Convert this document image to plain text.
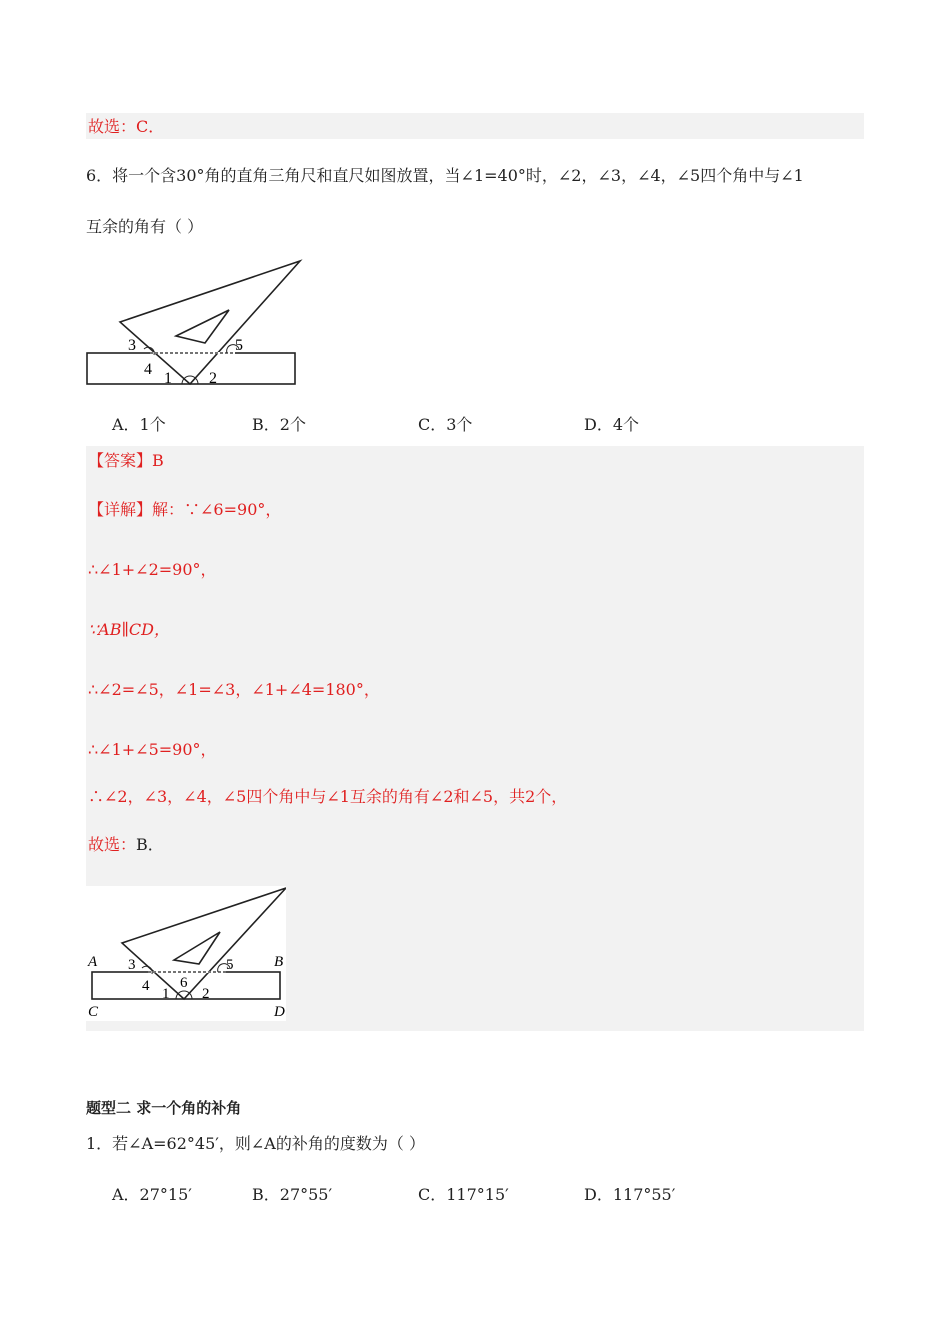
故选：C．
6．将一个含30°角的直角三角尺和直尺如图放置，当∠1=40°时，∠2，∠3，∠4，∠5四个角中与∠1
互余的角有（ ）
3	5
4
1 2
A．1个	B．2个	C．3个	D．4个
【答案】B
【详解】解：∵∠6=90°，
∴∠1+∠2=90°，
∵AB∥CD，
∴∠2=∠5，∠1=∠3，∠1+∠4=180°，
∴∠1+∠5=90°，
∴∠2，∠3，∠4，∠5四个角中与∠1互余的角有∠2和∠5，共2个，
故选：B．
A	B
C	D
3	5
4 6
1 2
题型二 求一个角的补角
1．若∠A=62°45′，则∠A的补角的度数为（ ）
A．27°15′	B．27°55′	C．117°15′	D．117°55′
